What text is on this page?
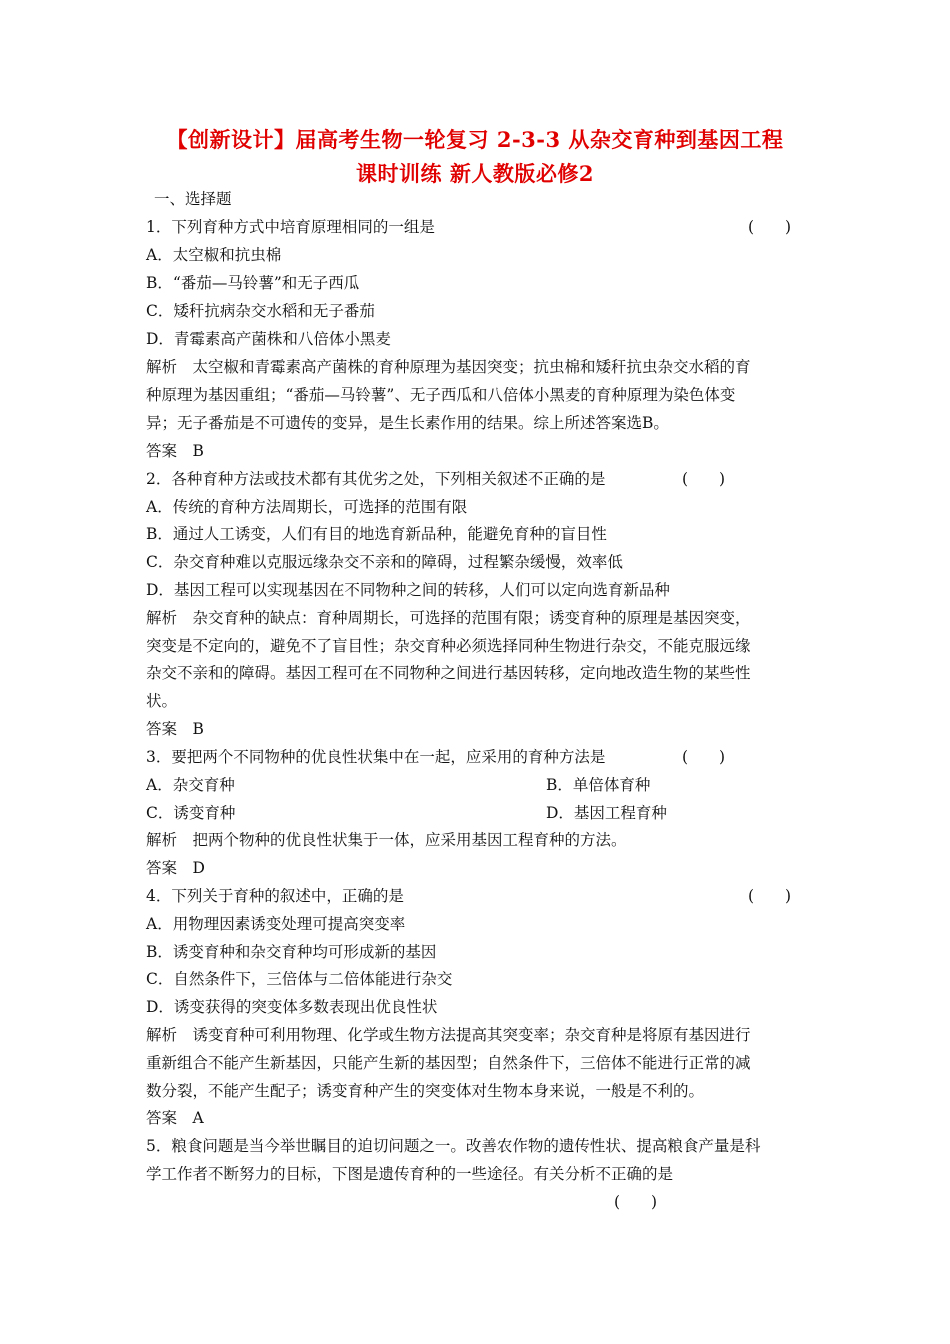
【创新设计】届高考生物一轮复习 2-3-3 从杂交育种到基因工程
课时训练 新人教版必修2
一、选择题
1．下列育种方式中培育原理相同的一组是	(　　)
A．太空椒和抗虫棉
B．“番茄—马铃薯”和无子西瓜
C．矮秆抗病杂交水稻和无子番茄
D．青霉素高产菌株和八倍体小黑麦
解析　太空椒和青霉素高产菌株的育种原理为基因突变；抗虫棉和矮秆抗虫杂交水稻的育
种原理为基因重组；“番茄—马铃薯”、无子西瓜和八倍体小黑麦的育种原理为染色体变
异；无子番茄是不可遗传的变异，是生长素作用的结果。综上所述答案选B。
答案　B
2．各种育种方法或技术都有其优劣之处，下列相关叙述不正确的是	(　　)
A．传统的育种方法周期长，可选择的范围有限
B．通过人工诱变，人们有目的地选育新品种，能避免育种的盲目性
C．杂交育种难以克服远缘杂交不亲和的障碍，过程繁杂缓慢，效率低
D．基因工程可以实现基因在不同物种之间的转移，人们可以定向选育新品种
解析　杂交育种的缺点：育种周期长，可选择的范围有限；诱变育种的原理是基因突变，
突变是不定向的，避免不了盲目性；杂交育种必须选择同种生物进行杂交，不能克服远缘
杂交不亲和的障碍。基因工程可在不同物种之间进行基因转移，定向地改造生物的某些性
状。
答案　B
3．要把两个不同物种的优良性状集中在一起，应采用的育种方法是	(　　)
A．杂交育种	B．单倍体育种
C．诱变育种	D．基因工程育种
解析　把两个物种的优良性状集于一体，应采用基因工程育种的方法。
答案　D
4．下列关于育种的叙述中，正确的是	(　　)
A．用物理因素诱变处理可提高突变率
B．诱变育种和杂交育种均可形成新的基因
C．自然条件下，三倍体与二倍体能进行杂交
D．诱变获得的突变体多数表现出优良性状
解析　诱变育种可利用物理、化学或生物方法提高其突变率；杂交育种是将原有基因进行
重新组合不能产生新基因，只能产生新的基因型；自然条件下，三倍体不能进行正常的减
数分裂，不能产生配子；诱变育种产生的突变体对生物本身来说，一般是不利的。
答案　A
5．粮食问题是当今举世瞩目的迫切问题之一。改善农作物的遗传性状、提高粮食产量是科
学工作者不断努力的目标，下图是遗传育种的一些途径。有关分析不正确的是
(　　)
